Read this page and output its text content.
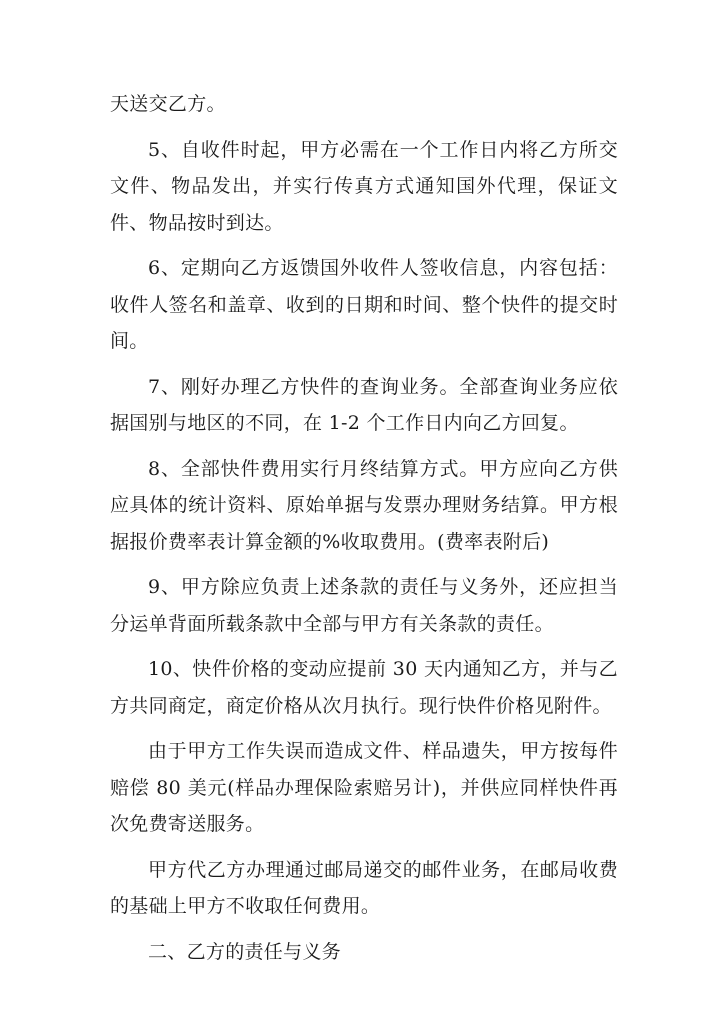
天送交乙方。

5、自收件时起，甲方必需在一个工作日内将乙方所交文件、物品发出，并实行传真方式通知国外代理，保证文件、物品按时到达。

6、定期向乙方返馈国外收件人签收信息，内容包括：收件人签名和盖章、收到的日期和时间、整个快件的提交时间。

7、刚好办理乙方快件的查询业务。全部查询业务应依据国别与地区的不同，在 1-2 个工作日内向乙方回复。

8、全部快件费用实行月终结算方式。甲方应向乙方供应具体的统计资料、原始单据与发票办理财务结算。甲方根据报价费率表计算金额的%收取费用。(费率表附后)

9、甲方除应负责上述条款的责任与义务外，还应担当分运单背面所载条款中全部与甲方有关条款的责任。

10、快件价格的变动应提前 30 天内通知乙方，并与乙方共同商定，商定价格从次月执行。现行快件价格见附件。

由于甲方工作失误而造成文件、样品遗失，甲方按每件赔偿 80 美元(样品办理保险索赔另计)，并供应同样快件再次免费寄送服务。

甲方代乙方办理通过邮局递交的邮件业务，在邮局收费的基础上甲方不收取任何费用。

二、乙方的责任与义务
